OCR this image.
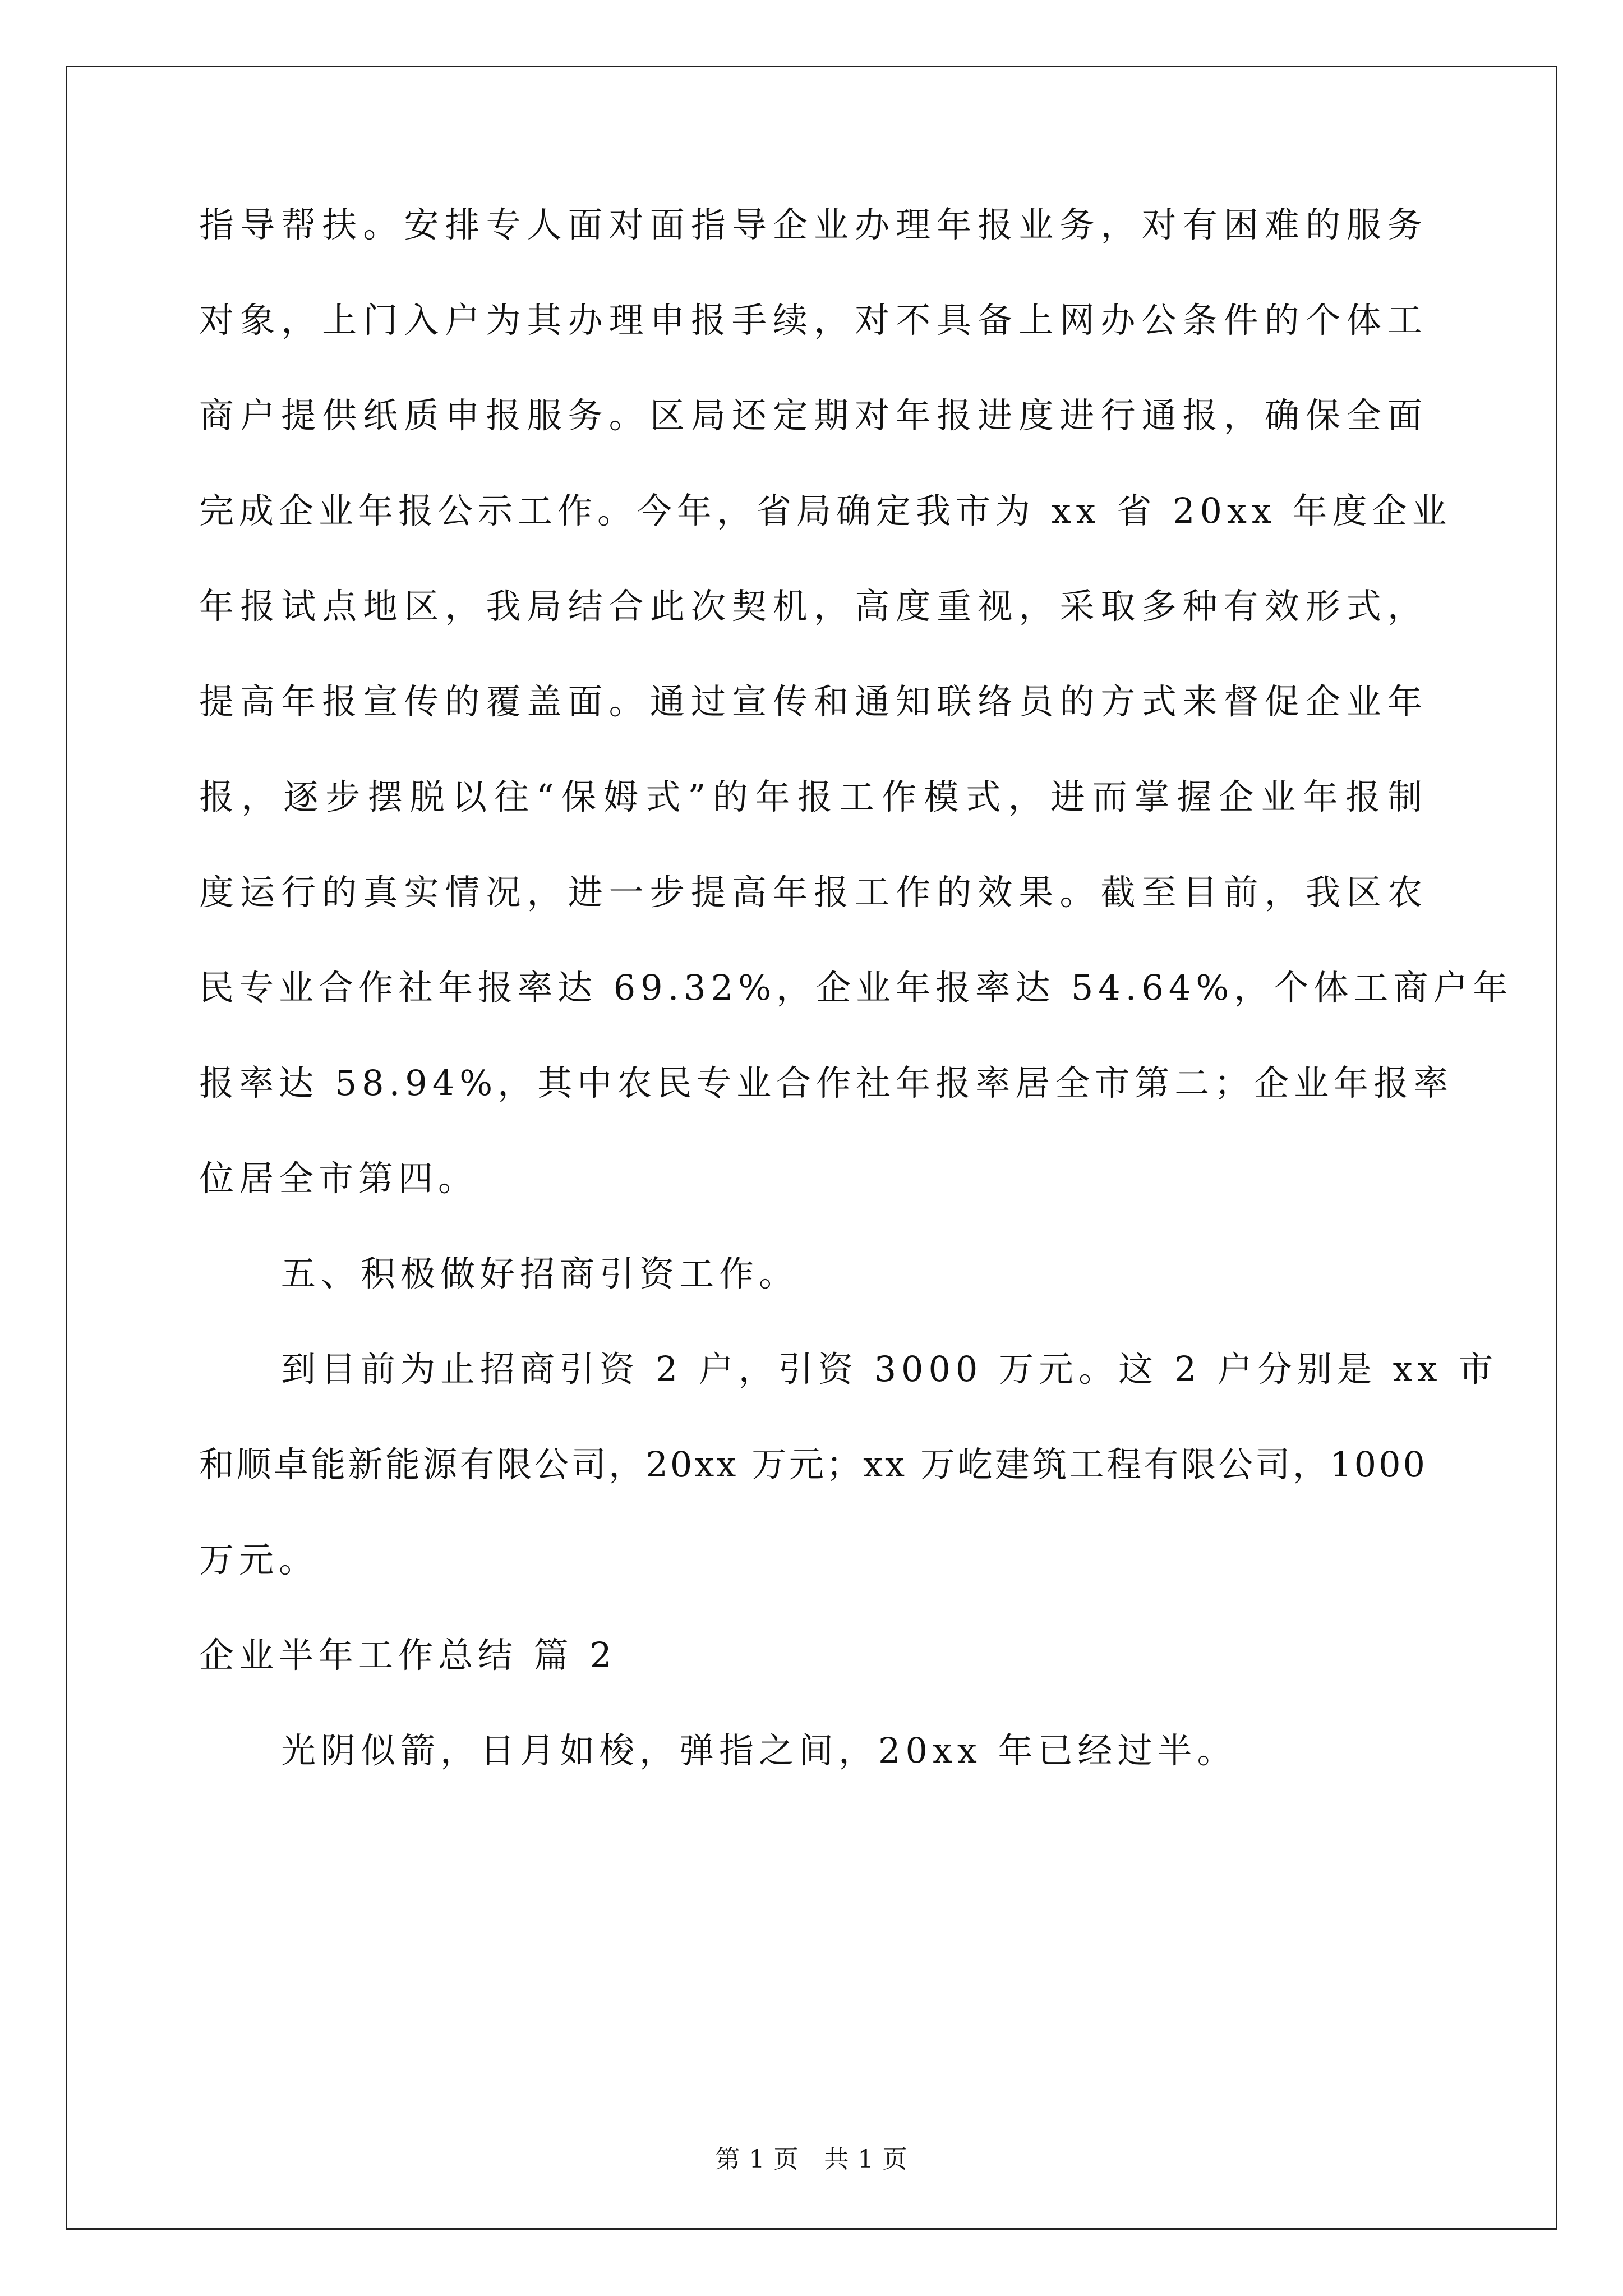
指导帮扶。安排专人面对面指导企业办理年报业务，对有困难的服务
对象，上门入户为其办理申报手续，对不具备上网办公条件的个体工
商户提供纸质申报服务。区局还定期对年报进度进行通报，确保全面
完成企业年报公示工作。今年，省局确定我市为 xx 省 20xx 年度企业
年报试点地区，我局结合此次契机，高度重视，采取多种有效形式，
提高年报宣传的覆盖面。通过宣传和通知联络员的方式来督促企业年
报，逐步摆脱以往“保姆式”的年报工作模式，进而掌握企业年报制
度运行的真实情况，进一步提高年报工作的效果。截至目前，我区农
民专业合作社年报率达 69.32%，企业年报率达 54.64%，个体工商户年
报率达 58.94%，其中农民专业合作社年报率居全市第二；企业年报率
位居全市第四。
五、积极做好招商引资工作。
到目前为止招商引资 2 户，引资 3000 万元。这 2 户分别是 xx 市
和顺卓能新能源有限公司，20xx 万元；xx 万屹建筑工程有限公司，1000
万元。
企业半年工作总结 篇 2
光阴似箭，日月如梭，弹指之间，20xx 年已经过半。
第 1 页　共 1 页
